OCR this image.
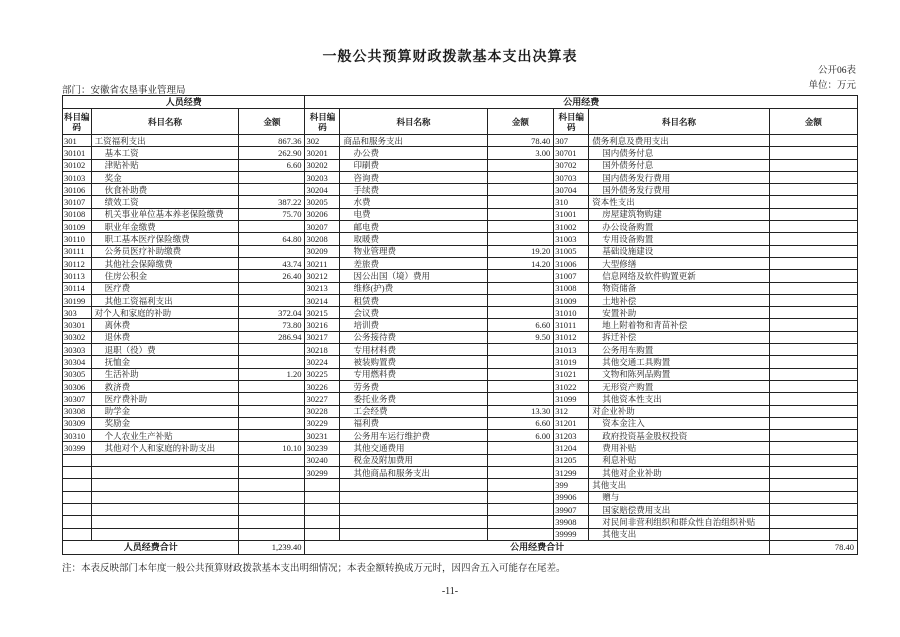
一般公共预算财政拨款基本支出决算表
公开06表
单位：万元
部门：安徽省农垦事业管理局
人员经费			公用经费					
科目编码	科目名称	金额	科目编码	科目名称	金额	科目编码	科目名称	金额
301	工资福利支出	867.36	302	商品和服务支出	78.40	307	债务利息及费用支出	
30101	基本工资	262.90	30201	办公费	3.00	30701	国内债务付息	
30102	津贴补贴	6.60	30202	印刷费		30702	国外债务付息	
30103	奖金		30203	咨询费		30703	国内债务发行费用	
30106	伙食补助费		30204	手续费		30704	国外债务发行费用	
30107	绩效工资	387.22	30205	水费		310	资本性支出	
30108	机关事业单位基本养老保险缴费	75.70	30206	电费		31001	房屋建筑物购建	
30109	职业年金缴费		30207	邮电费		31002	办公设备购置	
30110	职工基本医疗保险缴费	64.80	30208	取暖费		31003	专用设备购置	
30111	公务员医疗补助缴费		30209	物业管理费	19.20	31005	基础设施建设	
30112	其他社会保障缴费	43.74	30211	差旅费	14.20	31006	大型修缮	
30113	住房公积金	26.40	30212	因公出国（境）费用		31007	信息网络及软件购置更新	
30114	医疗费		30213	维修(护)费		31008	物资储备	
30199	其他工资福利支出		30214	租赁费		31009	土地补偿	
303	对个人和家庭的补助	372.04	30215	会议费		31010	安置补助	
30301	离休费	73.80	30216	培训费	6.60	31011	地上附着物和青苗补偿	
30302	退休费	286.94	30217	公务接待费	9.50	31012	拆迁补偿	
30303	退职（役）费		30218	专用材料费		31013	公务用车购置	
30304	抚恤金		30224	被装购置费		31019	其他交通工具购置	
30305	生活补助	1.20	30225	专用燃料费		31021	文物和陈列品购置	
30306	救济费		30226	劳务费		31022	无形资产购置	
30307	医疗费补助		30227	委托业务费		31099	其他资本性支出	
30308	助学金		30228	工会经费	13.30	312	对企业补助	
30309	奖励金		30229	福利费	6.60	31201	资本金注入	
30310	个人农业生产补贴		30231	公务用车运行维护费	6.00	31203	政府投资基金股权投资	
30399	其他对个人和家庭的补助支出	10.10	30239	其他交通费用		31204	费用补贴	
			30240	税金及附加费用		31205	利息补贴	
			30299	其他商品和服务支出		31299	其他对企业补助	
						399	其他支出	
						39906	赠与	
						39907	国家赔偿费用支出	
						39908	对民间非营利组织和群众性自治组织补贴	
						39999	其他支出	
人员经费合计		1,239.40	公用经费合计					78.40
注：本表反映部门本年度一般公共预算财政拨款基本支出明细情况；本表金额转换成万元时，因四舍五入可能存在尾差。
-11-
